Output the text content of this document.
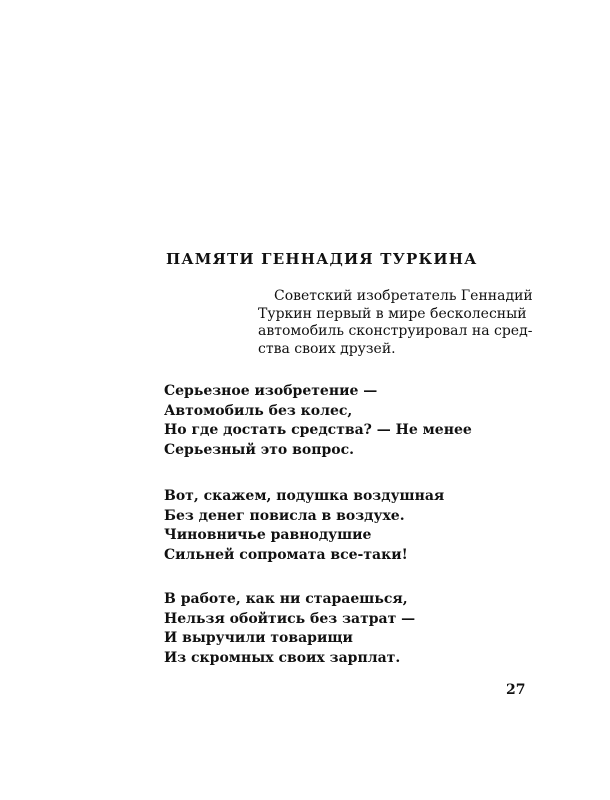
ПАМЯТИ ГЕННАДИЯ ТУРКИНА
Советский изобретатель Геннадий
Туркин первый в мире бесколесный
автомобиль сконструировал на сред-
ства своих друзей.
Серьезное изобретение —
Автомобиль без колес,
Но где достать средства? — Не менее
Серьезный это вопрос.
Вот, скажем, подушка воздушная
Без денег повисла в воздухе.
Чиновничье равнодушие
Сильней сопромата все-таки!
В работе, как ни стараешься,
Нельзя обойтись без затрат —
И выручили товарищи
Из скромных своих зарплат.
27
